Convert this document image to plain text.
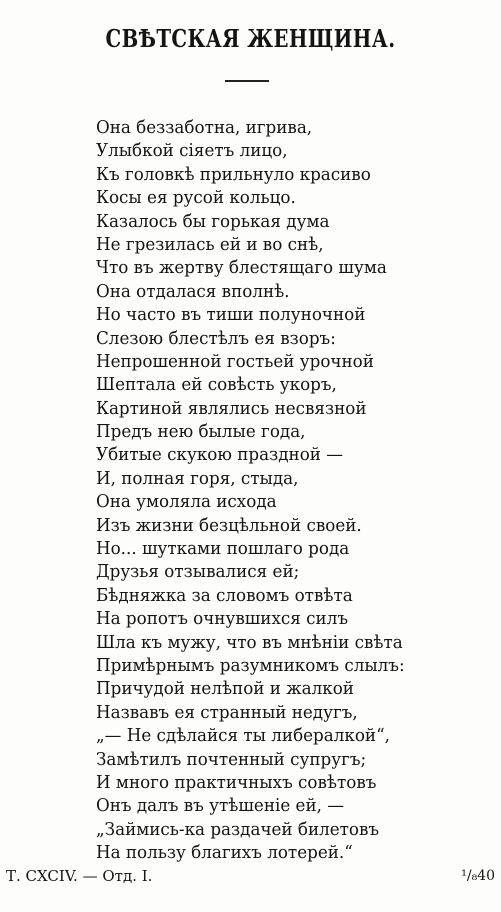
СВѢТСКАЯ ЖЕНЩИНА.
Она беззаботна, игрива,
Улыбкой сіяетъ лицо,
Къ головкѣ прильнуло красиво
Косы ея русой кольцо.
Казалось бы горькая дума
Не грезилась ей и во снѣ,
Что въ жертву блестящаго шума
Она отдалася вполнѣ.
Но часто въ тиши полуночной
Слезою блестѣлъ ея взоръ:
Непрошенной гостьей урочной
Шептала ей совѣсть укоръ,
Картиной являлись несвязной
Предъ нею былые года,
Убитые скукою праздной —
И, полная горя, стыда,
Она умоляла исхода
Изъ жизни безцѣльной своей.
Но... шутками пошлаго рода
Друзья отзывалися ей;
Бѣдняжка за словомъ отвѣта
На ропотъ очнувшихся силъ
Шла къ мужу, что въ мнѣніи свѣта
Примѣрнымъ разумникомъ слылъ:
Причудой нелѣпой и жалкой
Назвавъ ея странный недугъ,
„— Не сдѣлайся ты либералкой“,
Замѣтилъ почтенный супругъ;
И много практичныхъ совѣтовъ
Онъ далъ въ утѣшеніе ей, —
„Займись-ка раздачей билетовъ
На пользу благихъ лотерей.“
Т. CXCIV. — Отд. I.	¹/₈40
